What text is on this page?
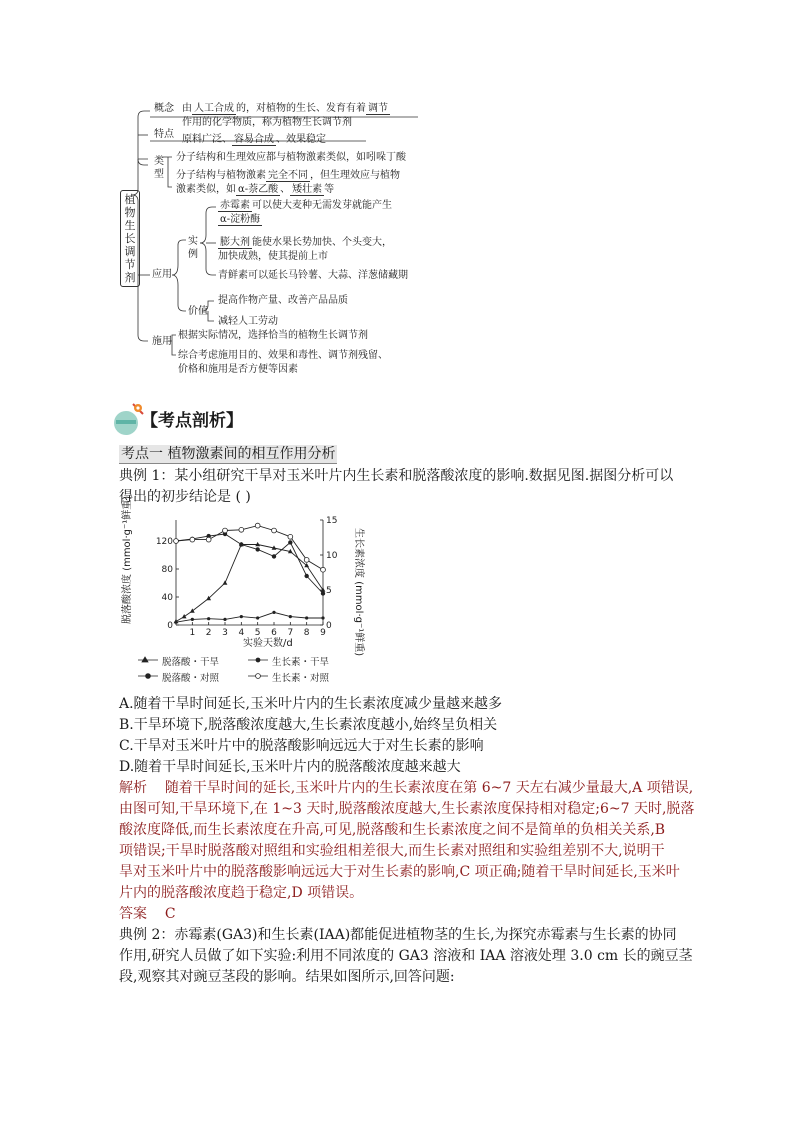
植物生长调节剂
概念 由 人工合成 的，对植物的生长、发育有着 调节
作用的化学物质，称为植物生长调节剂
特点 原料广泛、 容易合成 、效果稳定
类型
分子结构和生理效应都与植物激素类似，如吲哚丁酸
分子结构与植物激素 完全不同 ，但生理效应与植物
激素类似，如 α-萘乙酸 、 矮壮素 等
应用
实例
赤霉素 可以使大麦种无需发芽就能产生
α-淀粉酶
膨大剂 能使水果长势加快、个头变大，
加快成熟，使其提前上市
青鲜素可以延长马铃薯、大蒜、洋葱储藏期
价值
提高作物产量、改善产品品质
减轻人工劳动
施用
根据实际情况，选择恰当的植物生长调节剂
综合考虑施用目的、效果和毒性、调节剂残留、
价格和施用是否方便等因素
【考点剖析】
考点一 植物激素间的相互作用分析
典例 1：某小组研究干旱对玉米叶片内生长素和脱落酸浓度的影响.数据见图.据图分析可以
得出的初步结论是 ( )
1 2 3 4 5 6 7 8 9
0
40
80
120
0
5
10
15
脱落酸浓度 (mmol·g⁻¹鲜重)	生长素浓度 (mmol·g⁻¹鲜重)
实验天数/d
脱落酸・干旱	生长素・干旱
脱落酸・对照	生长素・对照
A.随着干旱时间延长,玉米叶片内的生长素浓度减少量越来越多
B.干旱环境下,脱落酸浓度越大,生长素浓度越小,始终呈负相关
C.干旱对玉米叶片中的脱落酸影响远远大于对生长素的影响
D.随着干旱时间延长,玉米叶片内的脱落酸浓度越来越大
解析 随着干旱时间的延长,玉米叶片内的生长素浓度在第 6~7 天左右减少量最大,A 项错误,
由图可知,干旱环境下,在 1~3 天时,脱落酸浓度越大,生长素浓度保持相对稳定;6~7 天时,脱落
酸浓度降低,而生长素浓度在升高,可见,脱落酸和生长素浓度之间不是简单的负相关关系,B
项错误;干旱时脱落酸对照组和实验组相差很大,而生长素对照组和实验组差别不大,说明干
旱对玉米叶片中的脱落酸影响远远大于对生长素的影响,C 项正确;随着干旱时间延长,玉米叶
片内的脱落酸浓度趋于稳定,D 项错误。
答案 C
典例 2：赤霉素(GA3)和生长素(IAA)都能促进植物茎的生长,为探究赤霉素与生长素的协同
作用,研究人员做了如下实验:利用不同浓度的 GA3 溶液和 IAA 溶液处理 3.0 cm 长的豌豆茎
段,观察其对豌豆茎段的影响。结果如图所示,回答问题:
